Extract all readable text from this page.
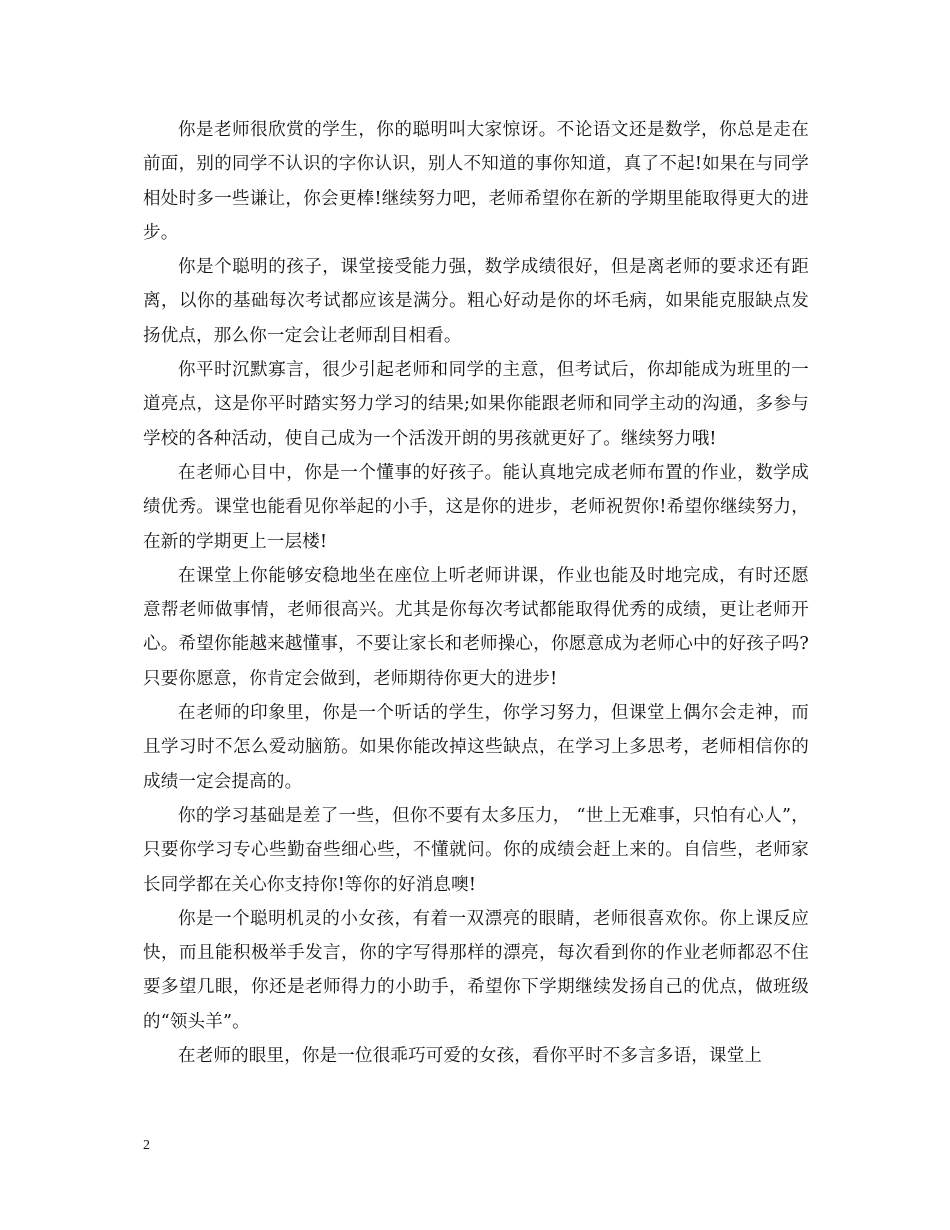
你是老师很欣赏的学生，你的聪明叫大家惊讶。不论语文还是数学，你总是走在前面，别的同学不认识的字你认识，别人不知道的事你知道，真了不起!如果在与同学相处时多一些谦让，你会更棒!继续努力吧，老师希望你在新的学期里能取得更大的进步。

你是个聪明的孩子，课堂接受能力强，数学成绩很好，但是离老师的要求还有距离，以你的基础每次考试都应该是满分。粗心好动是你的坏毛病，如果能克服缺点发扬优点，那么你一定会让老师刮目相看。

你平时沉默寡言，很少引起老师和同学的主意，但考试后，你却能成为班里的一道亮点，这是你平时踏实努力学习的结果;如果你能跟老师和同学主动的沟通，多参与学校的各种活动，使自己成为一个活泼开朗的男孩就更好了。继续努力哦!

在老师心目中，你是一个懂事的好孩子。能认真地完成老师布置的作业，数学成绩优秀。课堂也能看见你举起的小手，这是你的进步，老师祝贺你!希望你继续努力，在新的学期更上一层楼!

在课堂上你能够安稳地坐在座位上听老师讲课，作业也能及时地完成，有时还愿意帮老师做事情，老师很高兴。尤其是你每次考试都能取得优秀的成绩，更让老师开心。希望你能越来越懂事，不要让家长和老师操心，你愿意成为老师心中的好孩子吗?只要你愿意，你肯定会做到，老师期待你更大的进步!

在老师的印象里，你是一个听话的学生，你学习努力，但课堂上偶尔会走神，而且学习时不怎么爱动脑筋。如果你能改掉这些缺点，在学习上多思考，老师相信你的成绩一定会提高的。

你的学习基础是差了一些，但你不要有太多压力， “世上无难事，只怕有心人”，只要你学习专心些勤奋些细心些，不懂就问。你的成绩会赶上来的。自信些，老师家长同学都在关心你支持你!等你的好消息噢!

你是一个聪明机灵的小女孩，有着一双漂亮的眼睛，老师很喜欢你。你上课反应快，而且能积极举手发言，你的字写得那样的漂亮，每次看到你的作业老师都忍不住要多望几眼，你还是老师得力的小助手，希望你下学期继续发扬自己的优点，做班级的“领头羊”。

在老师的眼里，你是一位很乖巧可爱的女孩，看你平时不多言多语，课堂上

2
